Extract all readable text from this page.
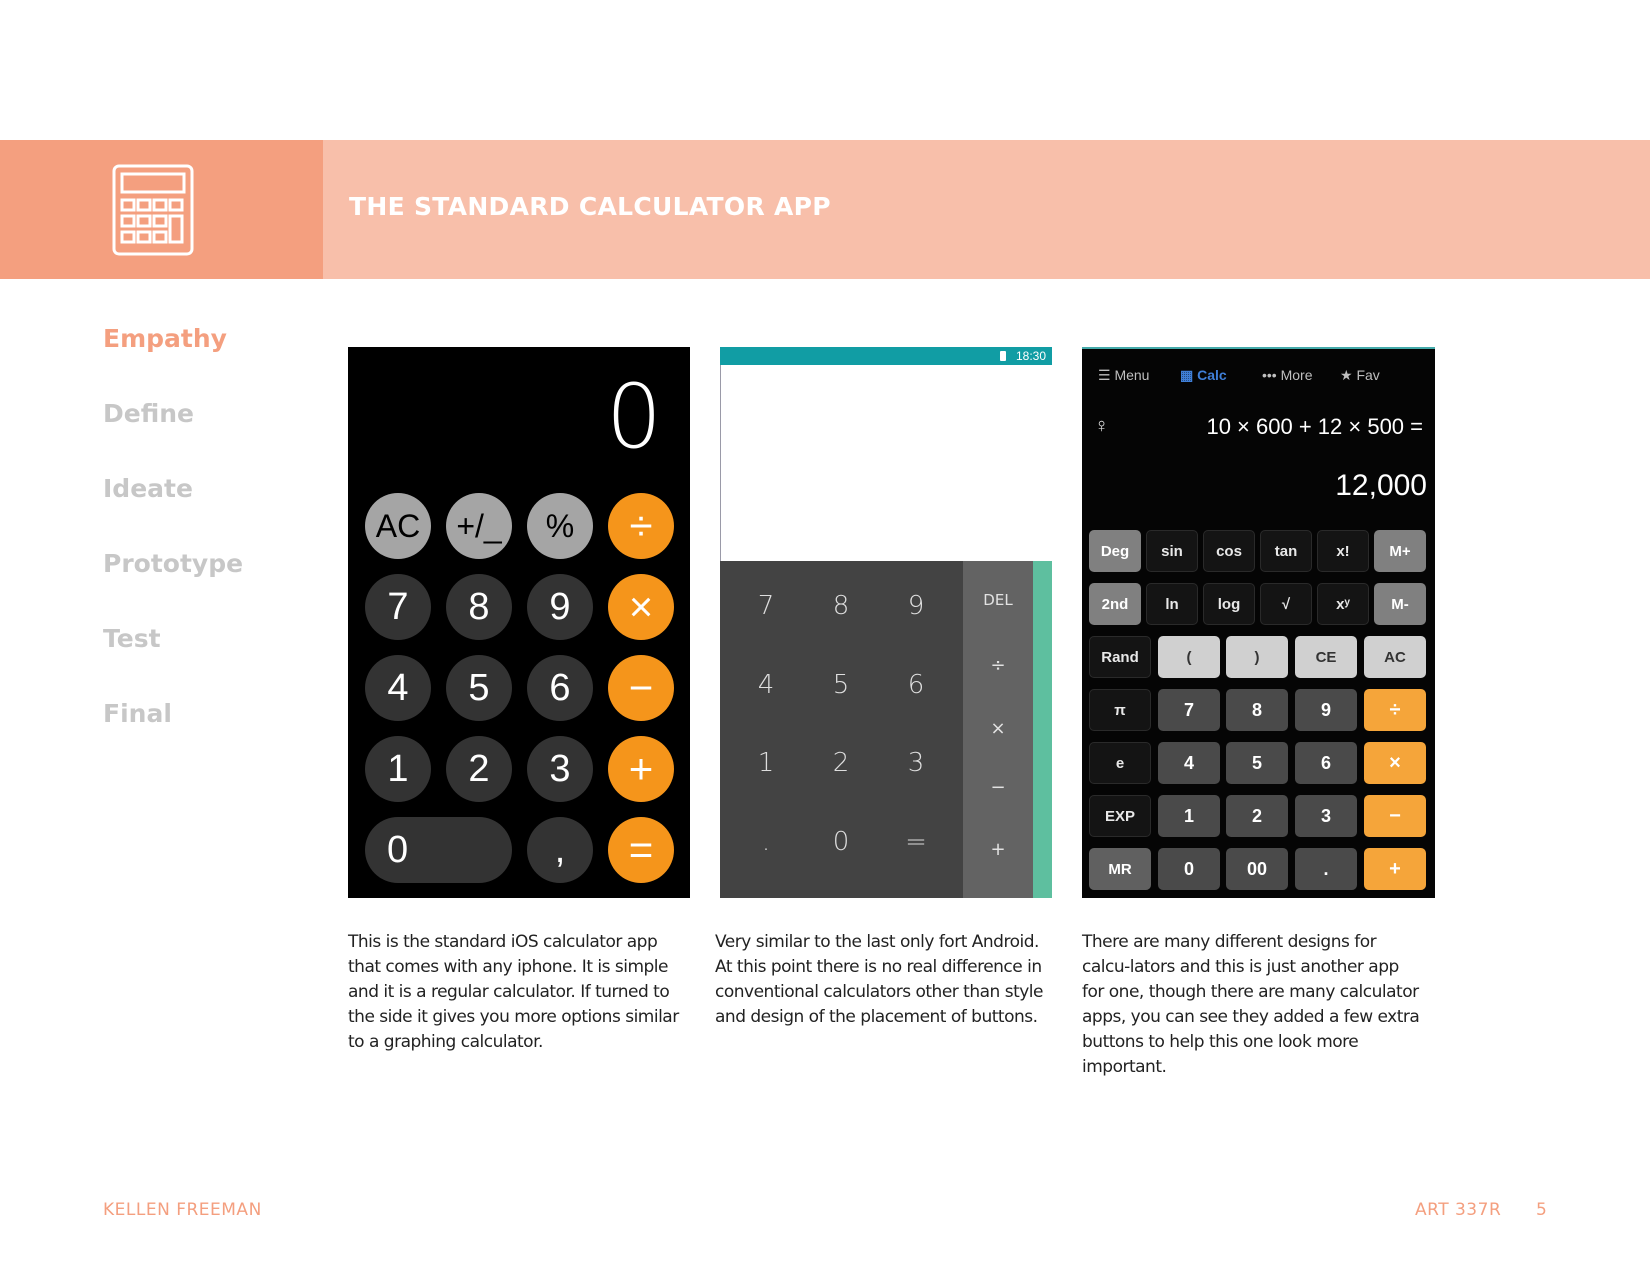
THE STANDARD CALCULATOR APP
Empathy
Define
Ideate
Prototype
Test
Final
0
AC	+/_	%	÷
7	8	9	×
4	5	6	−
1	2	3	+
0	,	=
18:30
7	8	9
4	5	6
1	2	3
.	0	=
DEL
÷
×
−
+
☰ Menu ▦ Calc	••• More ★ Fav
♀	10 × 600 + 12 × 500 =
12,000
Deg	sin	cos	tan	x!	M+
2nd	ln	log	√	xʸ	M-
Rand	(	)	CE	AC
π	7	8	9	÷
e	4	5	6	×
EXP	1	2	3	−
MR	0	00	.	+
This is the standard iOS calculator app that comes with any iphone. It is simple and it is a regular calculator. If turned to the side it gives you more options similar to a graphing calculator.
Very similar to the last only fort Android. At this point there is no real difference in conventional calculators other than style and design of the placement of buttons.
There are many different designs for calcu-lators and this is just another app for one, though there are many calculator apps, you can see they added a few extra buttons to help this one look more important.
KELLEN FREEMAN	ART 337R 5
